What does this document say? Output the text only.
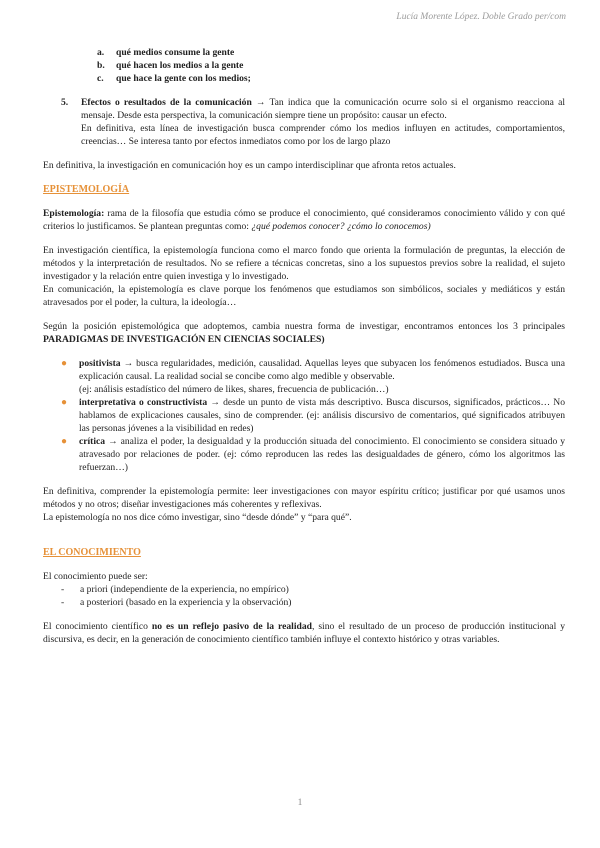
Lucía Morente López. Doble Grado per/com
a.	qué medios consume la gente
b.	qué hacen los medios a la gente
c.	que hace la gente con los medios;
5.	Efectos o resultados de la comunicación → Tan indica que la comunicación ocurre solo si el organismo reacciona al mensaje. Desde esta perspectiva, la comunicación siempre tiene un propósito: causar un efecto.

En definitiva, esta línea de investigación busca comprender cómo los medios influyen en actitudes, comportamientos, creencias… Se interesa tanto por efectos inmediatos como por los de largo plazo

En definitiva, la investigación en comunicación hoy es un campo interdisciplinar que afronta retos actuales.

EPISTEMOLOGÍA

Epistemología: rama de la filosofía que estudia cómo se produce el conocimiento, qué consideramos conocimiento válido y con qué criterios lo justificamos. Se plantean preguntas como: ¿qué podemos conocer? ¿cómo lo conocemos)

En investigación científica, la epistemología funciona como el marco fondo que orienta la formulación de preguntas, la elección de métodos y la interpretación de resultados. No se refiere a técnicas concretas, sino a los supuestos previos sobre la realidad, el sujeto investigador y la relación entre quien investiga y lo investigado.

En comunicación, la epistemología es clave porque los fenómenos que estudiamos son simbólicos, sociales y mediáticos y están atravesados por el poder, la cultura, la ideología…

Según la posición epistemológica que adoptemos, cambia nuestra forma de investigar, encontramos entonces los 3 principales PARADIGMAS DE INVESTIGACIÓN EN CIENCIAS SOCIALES)

●	positivista → busca regularidades, medición, causalidad. Aquellas leyes que subyacen los fenómenos estudiados. Busca una explicación causal. La realidad social se concibe como algo medible y observable.

(ej: análisis estadístico del número de likes, shares, frecuencia de publicación…)

●	interpretativa o constructivista → desde un punto de vista más descriptivo. Busca discursos, significados, prácticos… No hablamos de explicaciones causales, sino de comprender. (ej: análisis discursivo de comentarios, qué significados atribuyen las personas jóvenes a la visibilidad en redes)

●	crítica → analiza el poder, la desigualdad y la producción situada del conocimiento. El conocimiento se considera situado y atravesado por relaciones de poder. (ej: cómo reproducen las redes las desigualdades de género, cómo los algoritmos las refuerzan…)

En definitiva, comprender la epistemología permite: leer investigaciones con mayor espíritu crítico; justificar por qué usamos unos métodos y no otros; diseñar investigaciones más coherentes y reflexivas.

La epistemología no nos dice cómo investigar, sino “desde dónde” y “para qué”.

EL CONOCIMIENTO

El conocimiento puede ser:

-	a priori (independiente de la experiencia, no empírico)
-	a posteriori (basado en la experiencia y la observación)

El conocimiento científico no es un reflejo pasivo de la realidad, sino el resultado de un proceso de producción institucional y discursiva, es decir, en la generación de conocimiento científico también influye el contexto histórico y otras variables.

1
